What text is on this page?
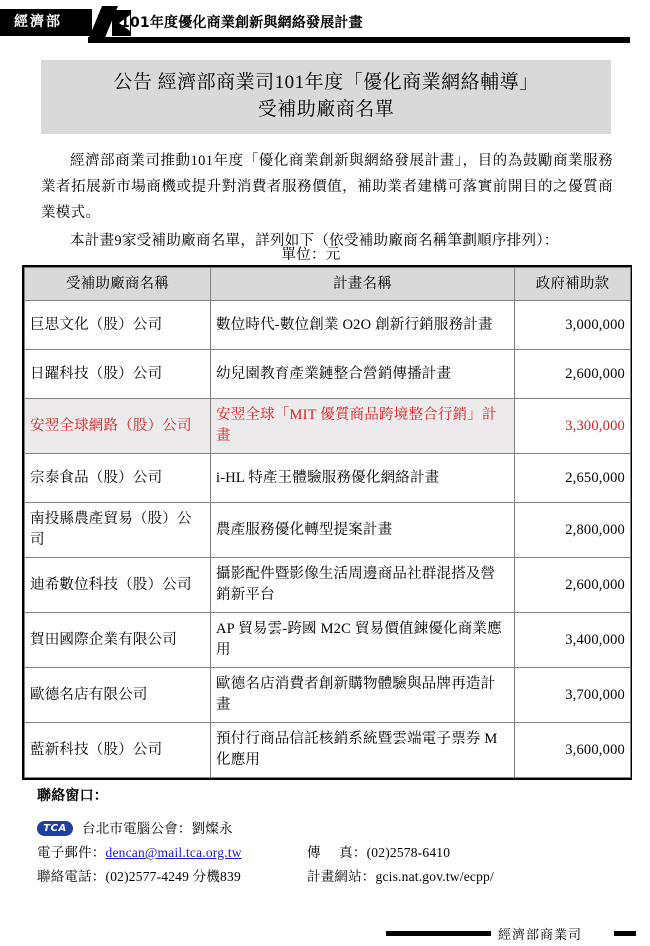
經濟部	101年度優化商業創新與網絡發展計畫
公告 經濟部商業司101年度「優化商業網絡輔導」
受補助廠商名單

經濟部商業司推動101年度「優化商業創新與網絡發展計畫」，目的為鼓勵商業服務業者拓展新市場商機或提升對消費者服務價值，補助業者建構可落實前開目的之優質商業模式。

本計畫9家受補助廠商名單，詳列如下（依受補助廠商名稱筆劃順序排列）：

單位：元
受補助廠商名稱	計畫名稱	政府補助款
巨思文化（股）公司	數位時代-數位創業 O2O 創新行銷服務計畫	3,000,000
日躍科技（股）公司	幼兒園教育產業鏈整合營銷傳播計畫	2,600,000
安翌全球網路（股）公司	安翌全球「MIT 優質商品跨境整合行銷」計畫	3,300,000
宗泰食品（股）公司	i-HL 特產王體驗服務優化網絡計畫	2,650,000
南投縣農產貿易（股）公司	農產服務優化轉型提案計畫	2,800,000
迪希數位科技（股）公司	攝影配件暨影像生活周邊商品社群混搭及營銷新平台	2,600,000
賀田國際企業有限公司	AP 貿易雲-跨國 M2C 貿易價值鍊優化商業應用	3,400,000
歐德名店有限公司	歐德名店消費者創新購物體驗與品牌再造計畫	3,700,000
藍新科技（股）公司	預付行商品信託核銷系統暨雲端電子票券 M 化應用	3,600,000
聯絡窗口：
TCA	台北市電腦公會：劉燦永
電子郵件：dencan@mail.tca.org.tw	傳　真：(02)2578-6410
聯絡電話：(02)2577-4249 分機839	計畫網站：gcis.nat.gov.tw/ecpp/
經濟部商業司
